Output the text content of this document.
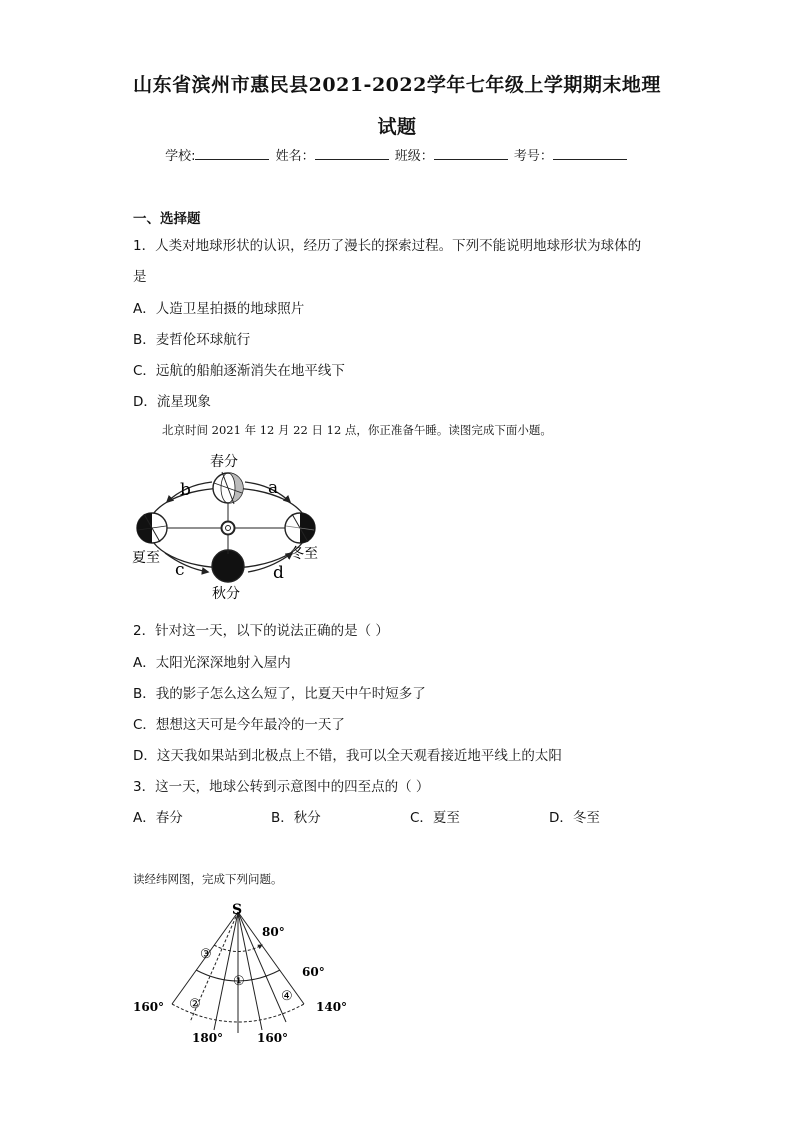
山东省滨州市惠民县2021-2022学年七年级上学期期末地理
试题
学校:	姓名：	班级：	考号：
一、选择题
1．人类对地球形状的认识，经历了漫长的探索过程。下列不能说明地球形状为球体的
是
A．人造卫星拍摄的地球照片
B．麦哲伦环球航行
C．远航的船舶逐渐消失在地平线下
D．流星现象
北京时间 2021 年 12 月 22 日 12 点，你正准备午睡。读图完成下面小题。
春分
夏至	冬至
秋分
a
b
c	d
2．针对这一天，以下的说法正确的是（ ）
A．太阳光深深地射入屋内
B．我的影子怎么这么短了，比夏天中午时短多了
C．想想这天可是今年最冷的一天了
D．这天我如果站到北极点上不错，我可以全天观看接近地平线上的太阳
3．这一天，地球公转到示意图中的四至点的（ ）
A．春分	B．秋分	C．夏至	D．冬至
读经纬网图，完成下列问题。
③
①
②
④
S
80°
60°
160°	140°
180°	160°
